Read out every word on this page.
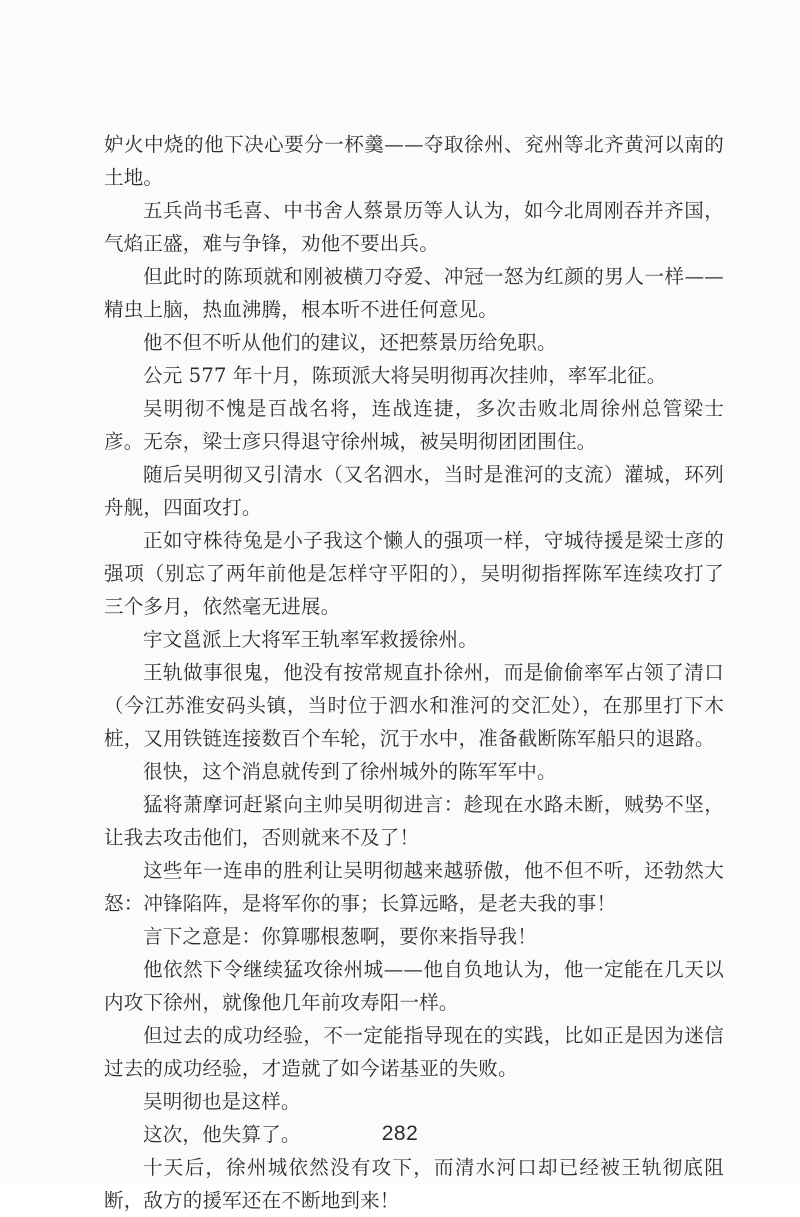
妒火中烧的他下决心要分一杯羹——夺取徐州、兖州等北齐黄河以南的土地。

五兵尚书毛喜、中书舍人蔡景历等人认为，如今北周刚吞并齐国，气焰正盛，难与争锋，劝他不要出兵。

但此时的陈顼就和刚被横刀夺爱、冲冠一怒为红颜的男人一样——精虫上脑，热血沸腾，根本听不进任何意见。

他不但不听从他们的建议，还把蔡景历给免职。

公元 577 年十月，陈顼派大将吴明彻再次挂帅，率军北征。

吴明彻不愧是百战名将，连战连捷，多次击败北周徐州总管梁士彦。无奈，梁士彦只得退守徐州城，被吴明彻团团围住。

随后吴明彻又引清水（又名泗水，当时是淮河的支流）灌城，环列舟舰，四面攻打。

正如守株待兔是小子我这个懒人的强项一样，守城待援是梁士彦的强项（别忘了两年前他是怎样守平阳的），吴明彻指挥陈军连续攻打了三个多月，依然毫无进展。

宇文邕派上大将军王轨率军救援徐州。

王轨做事很鬼，他没有按常规直扑徐州，而是偷偷率军占领了清口（今江苏淮安码头镇，当时位于泗水和淮河的交汇处），在那里打下木桩，又用铁链连接数百个车轮，沉于水中，准备截断陈军船只的退路。

很快，这个消息就传到了徐州城外的陈军军中。

猛将萧摩诃赶紧向主帅吴明彻进言：趁现在水路未断，贼势不坚，让我去攻击他们，否则就来不及了！

这些年一连串的胜利让吴明彻越来越骄傲，他不但不听，还勃然大怒：冲锋陷阵，是将军你的事；长算远略，是老夫我的事！

言下之意是：你算哪根葱啊，要你来指导我！

他依然下令继续猛攻徐州城——他自负地认为，他一定能在几天以内攻下徐州，就像他几年前攻寿阳一样。

但过去的成功经验，不一定能指导现在的实践，比如正是因为迷信过去的成功经验，才造就了如今诺基亚的失败。

吴明彻也是这样。

这次，他失算了。

十天后，徐州城依然没有攻下，而清水河口却已经被王轨彻底阻断，敌方的援军还在不断地到来！

282
